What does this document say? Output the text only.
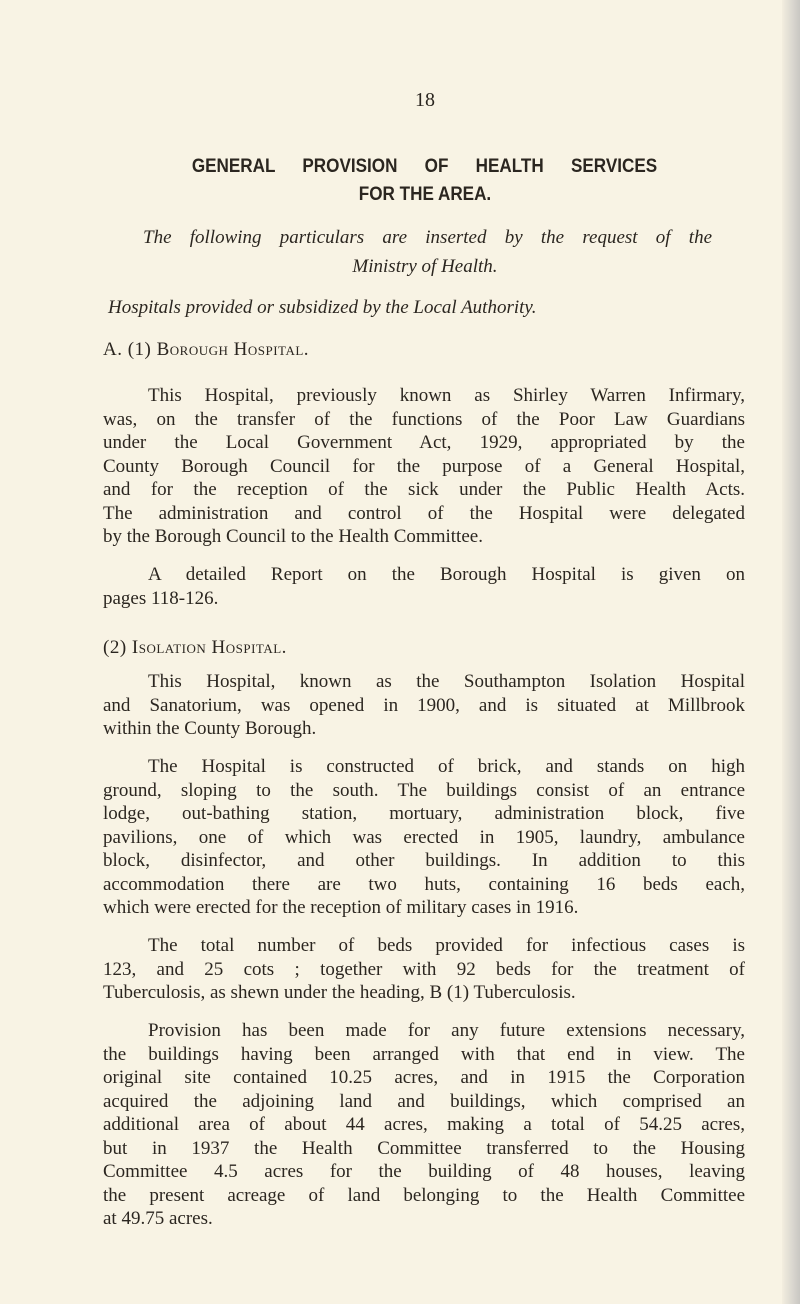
18
GENERAL PROVISION OF HEALTH SERVICES
FOR THE AREA.
The following particulars are inserted by the request of the
Ministry of Health.
Hospitals provided or subsidized by the Local Authority.
A. (1) Borough Hospital.
This Hospital, previously known as Shirley Warren Infirmary,
was, on the transfer of the functions of the Poor Law Guardians
under the Local Government Act, 1929, appropriated by the
County Borough Council for the purpose of a General Hospital,
and for the reception of the sick under the Public Health Acts.
The administration and control of the Hospital were delegated
by the Borough Council to the Health Committee.
A detailed Report on the Borough Hospital is given on
pages 118-126.
(2) Isolation Hospital.
This Hospital, known as the Southampton Isolation Hospital
and Sanatorium, was opened in 1900, and is situated at Millbrook
within the County Borough.
The Hospital is constructed of brick, and stands on high
ground, sloping to the south. The buildings consist of an entrance
lodge, out-bathing station, mortuary, administration block, five
pavilions, one of which was erected in 1905, laundry, ambulance
block, disinfector, and other buildings. In addition to this
accommodation there are two huts, containing 16 beds each,
which were erected for the reception of military cases in 1916.
The total number of beds provided for infectious cases is
123, and 25 cots ; together with 92 beds for the treatment of
Tuberculosis, as shewn under the heading, B (1) Tuberculosis.
Provision has been made for any future extensions necessary,
the buildings having been arranged with that end in view. The
original site contained 10.25 acres, and in 1915 the Corporation
acquired the adjoining land and buildings, which comprised an
additional area of about 44 acres, making a total of 54.25 acres,
but in 1937 the Health Committee transferred to the Housing
Committee 4.5 acres for the building of 48 houses, leaving
the present acreage of land belonging to the Health Committee
at 49.75 acres.
